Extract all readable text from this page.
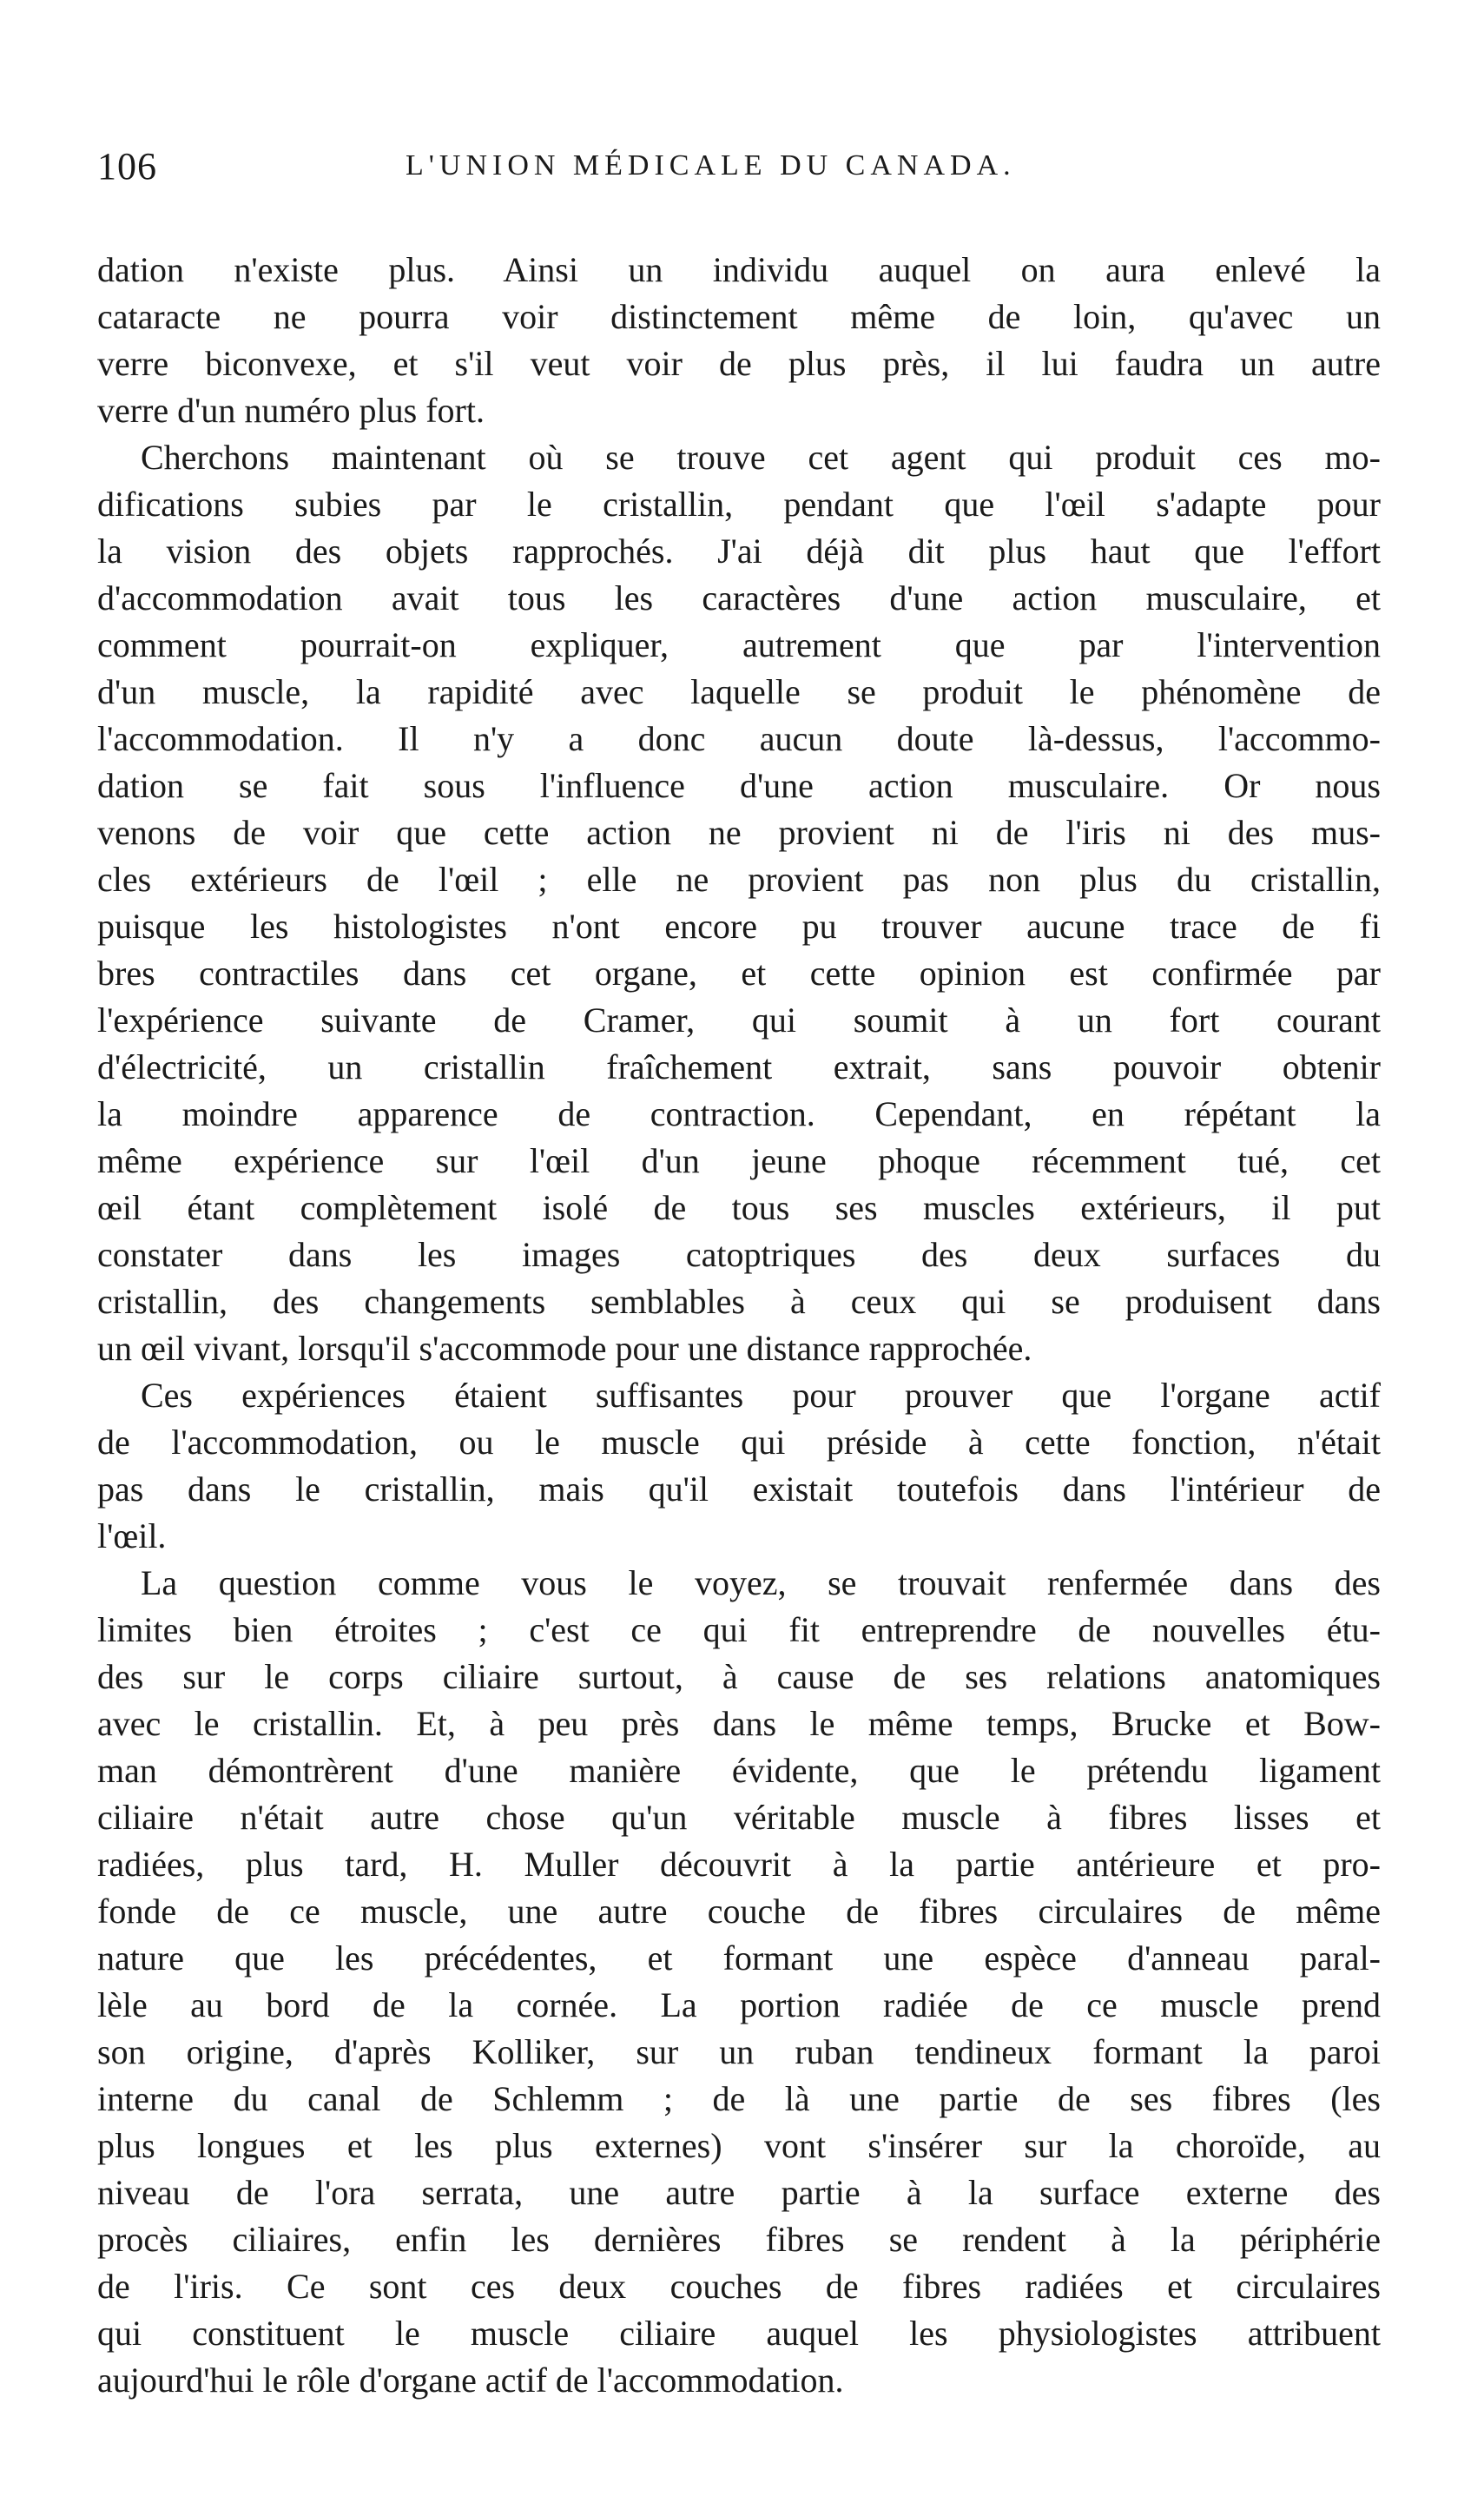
106	L'UNION MÉDICALE DU CANADA.

dation n'existe plus. Ainsi un individu auquel on aura enlevé la
cataracte ne pourra voir distinctement même de loin, qu'avec un
verre biconvexe, et s'il veut voir de plus près, il lui faudra un autre
verre d'un numéro plus fort.

Cherchons maintenant où se trouve cet agent qui produit ces mo-
difications subies par le cristallin, pendant que l'œil s'adapte pour
la vision des objets rapprochés. J'ai déjà dit plus haut que l'effort
d'accommodation avait tous les caractères d'une action musculaire, et
comment pourrait-on expliquer, autrement que par l'intervention
d'un muscle, la rapidité avec laquelle se produit le phénomène de
l'accommodation. Il n'y a donc aucun doute là-dessus, l'accommo-
dation se fait sous l'influence d'une action musculaire. Or nous
venons de voir que cette action ne provient ni de l'iris ni des mus-
cles extérieurs de l'œil ; elle ne provient pas non plus du cristallin,
puisque les histologistes n'ont encore pu trouver aucune trace de fi
bres contractiles dans cet organe, et cette opinion est confirmée par
l'expérience suivante de Cramer, qui soumit à un fort courant
d'électricité, un cristallin fraîchement extrait, sans pouvoir obtenir
la moindre apparence de contraction. Cependant, en répétant la
même expérience sur l'œil d'un jeune phoque récemment tué, cet
œil étant complètement isolé de tous ses muscles extérieurs, il put
constater dans les images catoptriques des deux surfaces du
cristallin, des changements semblables à ceux qui se produisent dans
un œil vivant, lorsqu'il s'accommode pour une distance rapprochée.

Ces expériences étaient suffisantes pour prouver que l'organe actif
de l'accommodation, ou le muscle qui préside à cette fonction, n'était
pas dans le cristallin, mais qu'il existait toutefois dans l'intérieur de
l'œil.

La question comme vous le voyez, se trouvait renfermée dans des
limites bien étroites ; c'est ce qui fit entreprendre de nouvelles étu-
des sur le corps ciliaire surtout, à cause de ses relations anatomiques
avec le cristallin. Et, à peu près dans le même temps, Brucke et Bow-
man démontrèrent d'une manière évidente, que le prétendu ligament
ciliaire n'était autre chose qu'un véritable muscle à fibres lisses et
radiées, plus tard, H. Muller découvrit à la partie antérieure et pro-
fonde de ce muscle, une autre couche de fibres circulaires de même
nature que les précédentes, et formant une espèce d'anneau paral-
lèle au bord de la cornée. La portion radiée de ce muscle prend
son origine, d'après Kolliker, sur un ruban tendineux formant la paroi
interne du canal de Schlemm ; de là une partie de ses fibres (les
plus longues et les plus externes) vont s'insérer sur la choroïde, au
niveau de l'ora serrata, une autre partie à la surface externe des
procès ciliaires, enfin les dernières fibres se rendent à la périphérie
de l'iris. Ce sont ces deux couches de fibres radiées et circulaires
qui constituent le muscle ciliaire auquel les physiologistes attribuent
aujourd'hui le rôle d'organe actif de l'accommodation.
